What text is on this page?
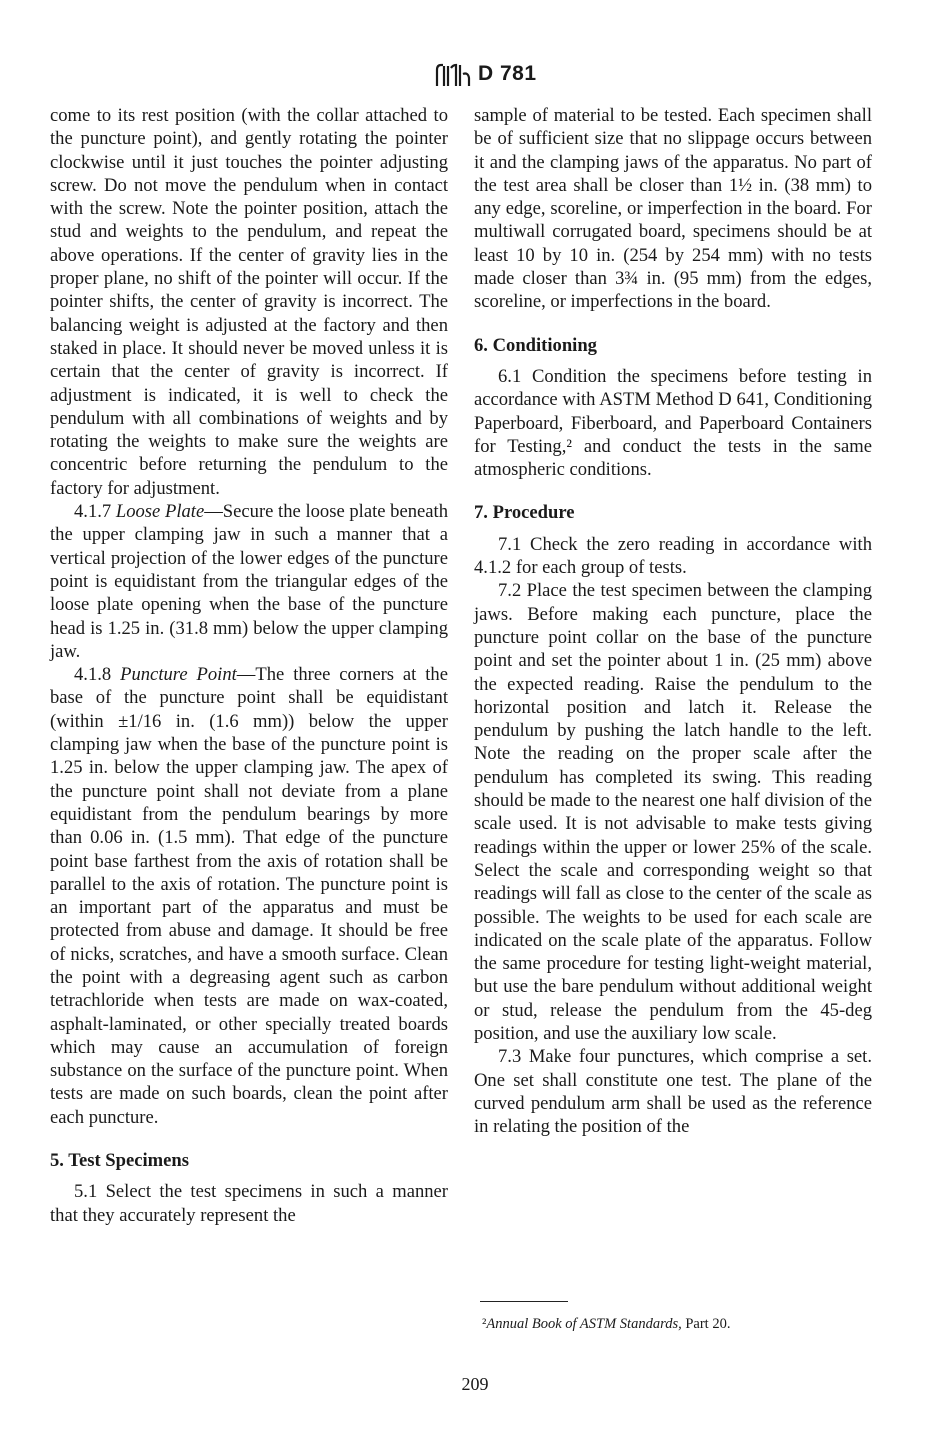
D 781

come to its rest position (with the collar attached to the puncture point), and gently rotating the pointer clockwise until it just touches the pointer adjusting screw. Do not move the pendulum when in contact with the screw. Note the pointer position, attach the stud and weights to the pendulum, and repeat the above operations. If the center of gravity lies in the proper plane, no shift of the pointer will occur. If the pointer shifts, the center of gravity is incorrect. The balancing weight is adjusted at the factory and then staked in place. It should never be moved unless it is certain that the center of gravity is incorrect. If adjustment is indicated, it is well to check the pendulum with all combinations of weights and by rotating the weights to make sure the weights are concentric before returning the pendulum to the factory for adjustment.

4.1.7 Loose Plate—Secure the loose plate beneath the upper clamping jaw in such a manner that a vertical projection of the lower edges of the puncture point is equidistant from the triangular edges of the loose plate opening when the base of the puncture head is 1.25 in. (31.8 mm) below the upper clamping jaw.

4.1.8 Puncture Point—The three corners at the base of the puncture point shall be equidistant (within ±1/16 in. (1.6 mm)) below the upper clamping jaw when the base of the puncture point is 1.25 in. below the upper clamping jaw. The apex of the puncture point shall not deviate from a plane equidistant from the pendulum bearings by more than 0.06 in. (1.5 mm). That edge of the puncture point base farthest from the axis of rotation shall be parallel to the axis of rotation. The puncture point is an important part of the apparatus and must be protected from abuse and damage. It should be free of nicks, scratches, and have a smooth surface. Clean the point with a degreasing agent such as carbon tetrachloride when tests are made on wax-coated, asphalt-laminated, or other specially treated boards which may cause an accumulation of foreign substance on the surface of the puncture point. When tests are made on such boards, clean the point after each puncture.

5. Test Specimens

5.1 Select the test specimens in such a manner that they accurately represent the

sample of material to be tested. Each specimen shall be of sufficient size that no slippage occurs between it and the clamping jaws of the apparatus. No part of the test area shall be closer than 1½ in. (38 mm) to any edge, scoreline, or imperfection in the board. For multiwall corrugated board, specimens should be at least 10 by 10 in. (254 by 254 mm) with no tests made closer than 3¾ in. (95 mm) from the edges, scoreline, or imperfections in the board.

6. Conditioning

6.1 Condition the specimens before testing in accordance with ASTM Method D 641, Conditioning Paperboard, Fiberboard, and Paperboard Containers for Testing,² and conduct the tests in the same atmospheric conditions.

7. Procedure

7.1 Check the zero reading in accordance with 4.1.2 for each group of tests.

7.2 Place the test specimen between the clamping jaws. Before making each puncture, place the puncture point collar on the base of the puncture point and set the pointer about 1 in. (25 mm) above the expected reading. Raise the pendulum to the horizontal position and latch it. Release the pendulum by pushing the latch handle to the left. Note the reading on the proper scale after the pendulum has completed its swing. This reading should be made to the nearest one half division of the scale used. It is not advisable to make tests giving readings within the upper or lower 25% of the scale. Select the scale and corresponding weight so that readings will fall as close to the center of the scale as possible. The weights to be used for each scale are indicated on the scale plate of the apparatus. Follow the same procedure for testing light-weight material, but use the bare pendulum without additional weight or stud, release the pendulum from the 45-deg position, and use the auxiliary low scale.

7.3 Make four punctures, which comprise a set. One set shall constitute one test. The plane of the curved pendulum arm shall be used as the reference in relating the position of the

²Annual Book of ASTM Standards, Part 20.
209
